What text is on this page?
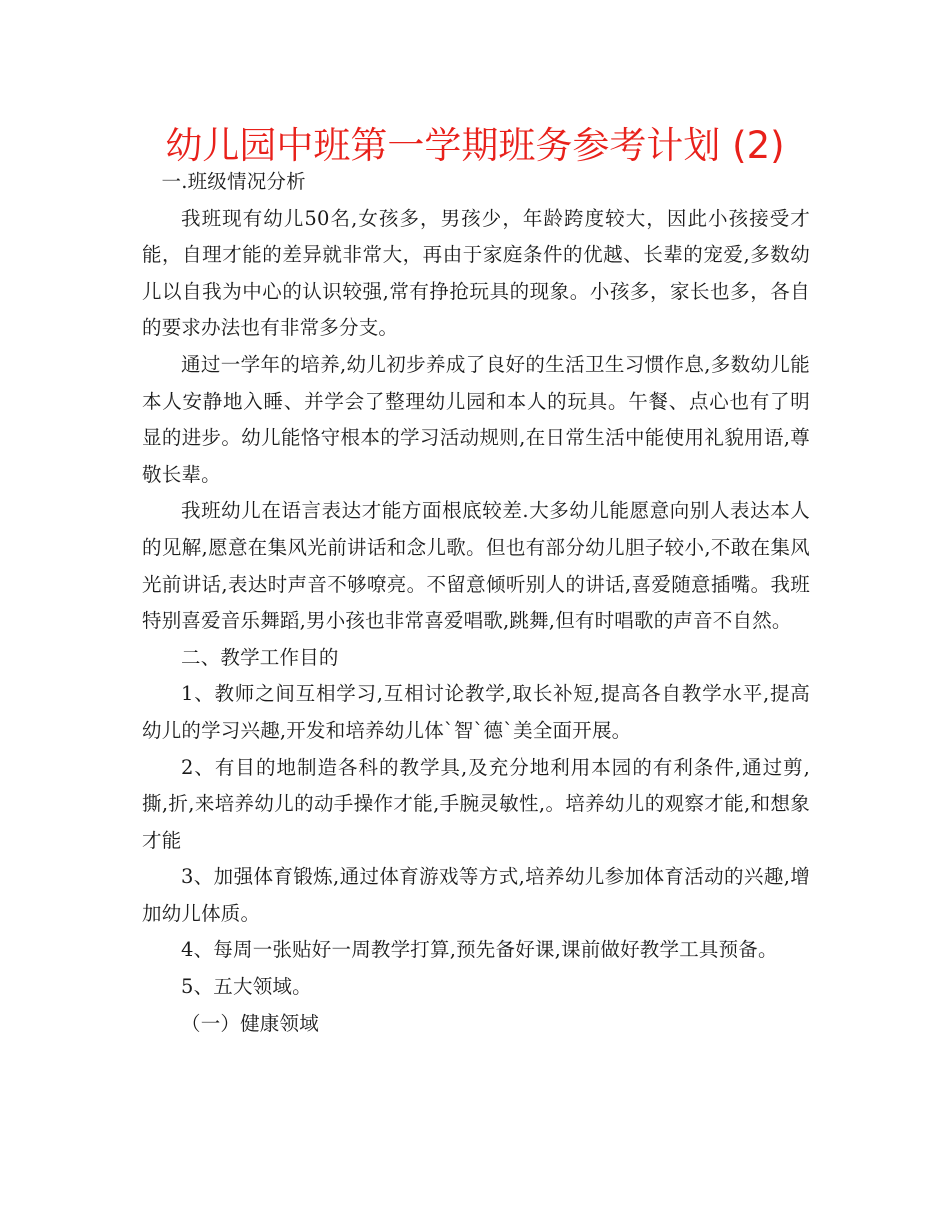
幼儿园中班第一学期班务参考计划 (2)

一.班级情况分析

我班现有幼儿50名,女孩多，男孩少，年龄跨度较大，因此小孩接受才能，自理才能的差异就非常大，再由于家庭条件的优越、长辈的宠爱,多数幼儿以自我为中心的认识较强,常有挣抢玩具的现象。小孩多，家长也多，各自的要求办法也有非常多分支。

通过一学年的培养,幼儿初步养成了良好的生活卫生习惯作息,多数幼儿能本人安静地入睡、并学会了整理幼儿园和本人的玩具。午餐、点心也有了明显的进步。幼儿能恪守根本的学习活动规则,在日常生活中能使用礼貌用语,尊敬长辈。

我班幼儿在语言表达才能方面根底较差.大多幼儿能愿意向别人表达本人的见解,愿意在集风光前讲话和念儿歌。但也有部分幼儿胆子较小,不敢在集风光前讲话,表达时声音不够嘹亮。不留意倾听别人的讲话,喜爱随意插嘴。我班特别喜爱音乐舞蹈,男小孩也非常喜爱唱歌,跳舞,但有时唱歌的声音不自然。

二、教学工作目的

1、教师之间互相学习,互相讨论教学,取长补短,提高各自教学水平,提高幼儿的学习兴趣,开发和培养幼儿体`智`德`美全面开展。

2、有目的地制造各科的教学具,及充分地利用本园的有利条件,通过剪,撕,折,来培养幼儿的动手操作才能,手腕灵敏性,。培养幼儿的观察才能,和想象才能

3、加强体育锻炼,通过体育游戏等方式,培养幼儿参加体育活动的兴趣,增加幼儿体质。

4、每周一张贴好一周教学打算,预先备好课,课前做好教学工具预备。

5、五大领域。

（一）健康领域
